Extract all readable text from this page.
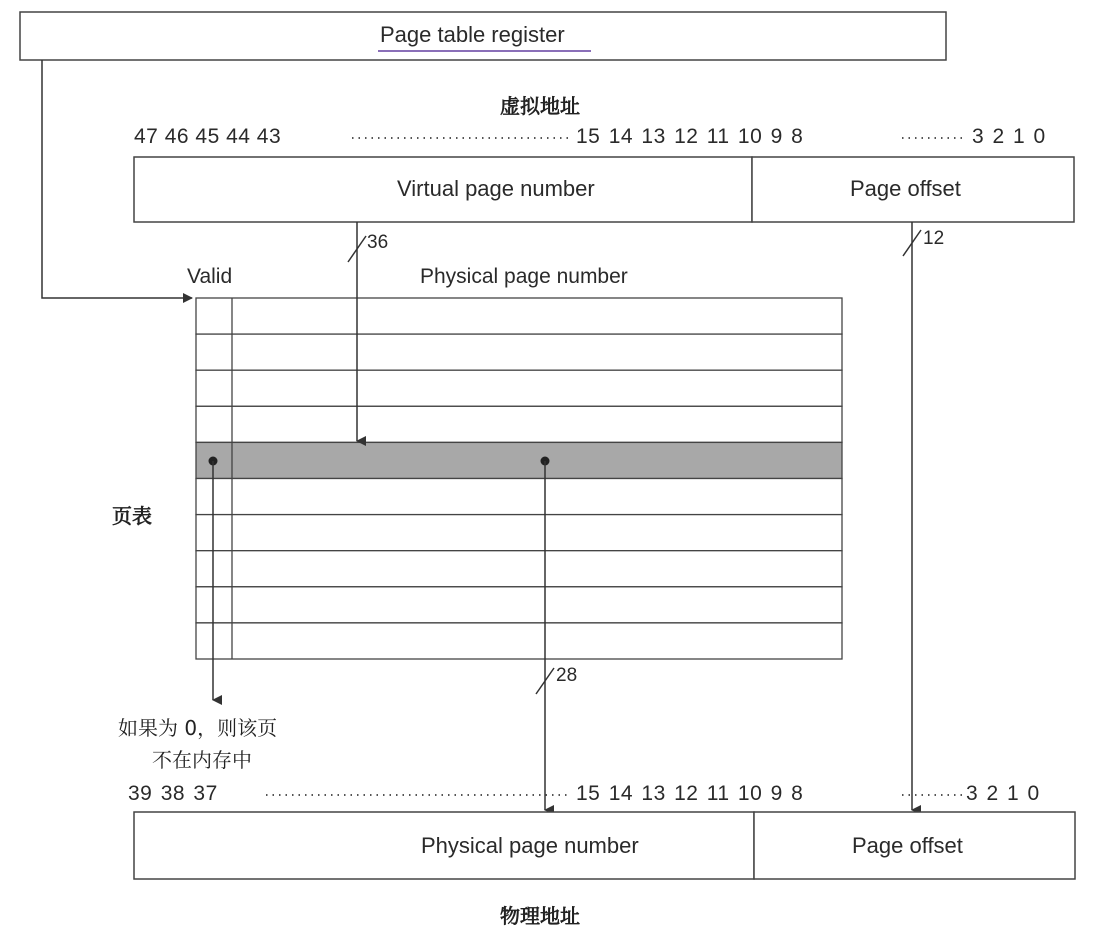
Page table register
虚拟地址
47 46 45 44 43	15 14 13 12 11 10 9 8	3 2 1 0
Virtual page number	Page offset
36	12
Valid	Physical page number
页表
28
如果为 0，则该页
不在内存中
39 38 37	15 14 13 12 11 10 9 8	3 2 1 0
Physical page number	Page offset
物理地址
